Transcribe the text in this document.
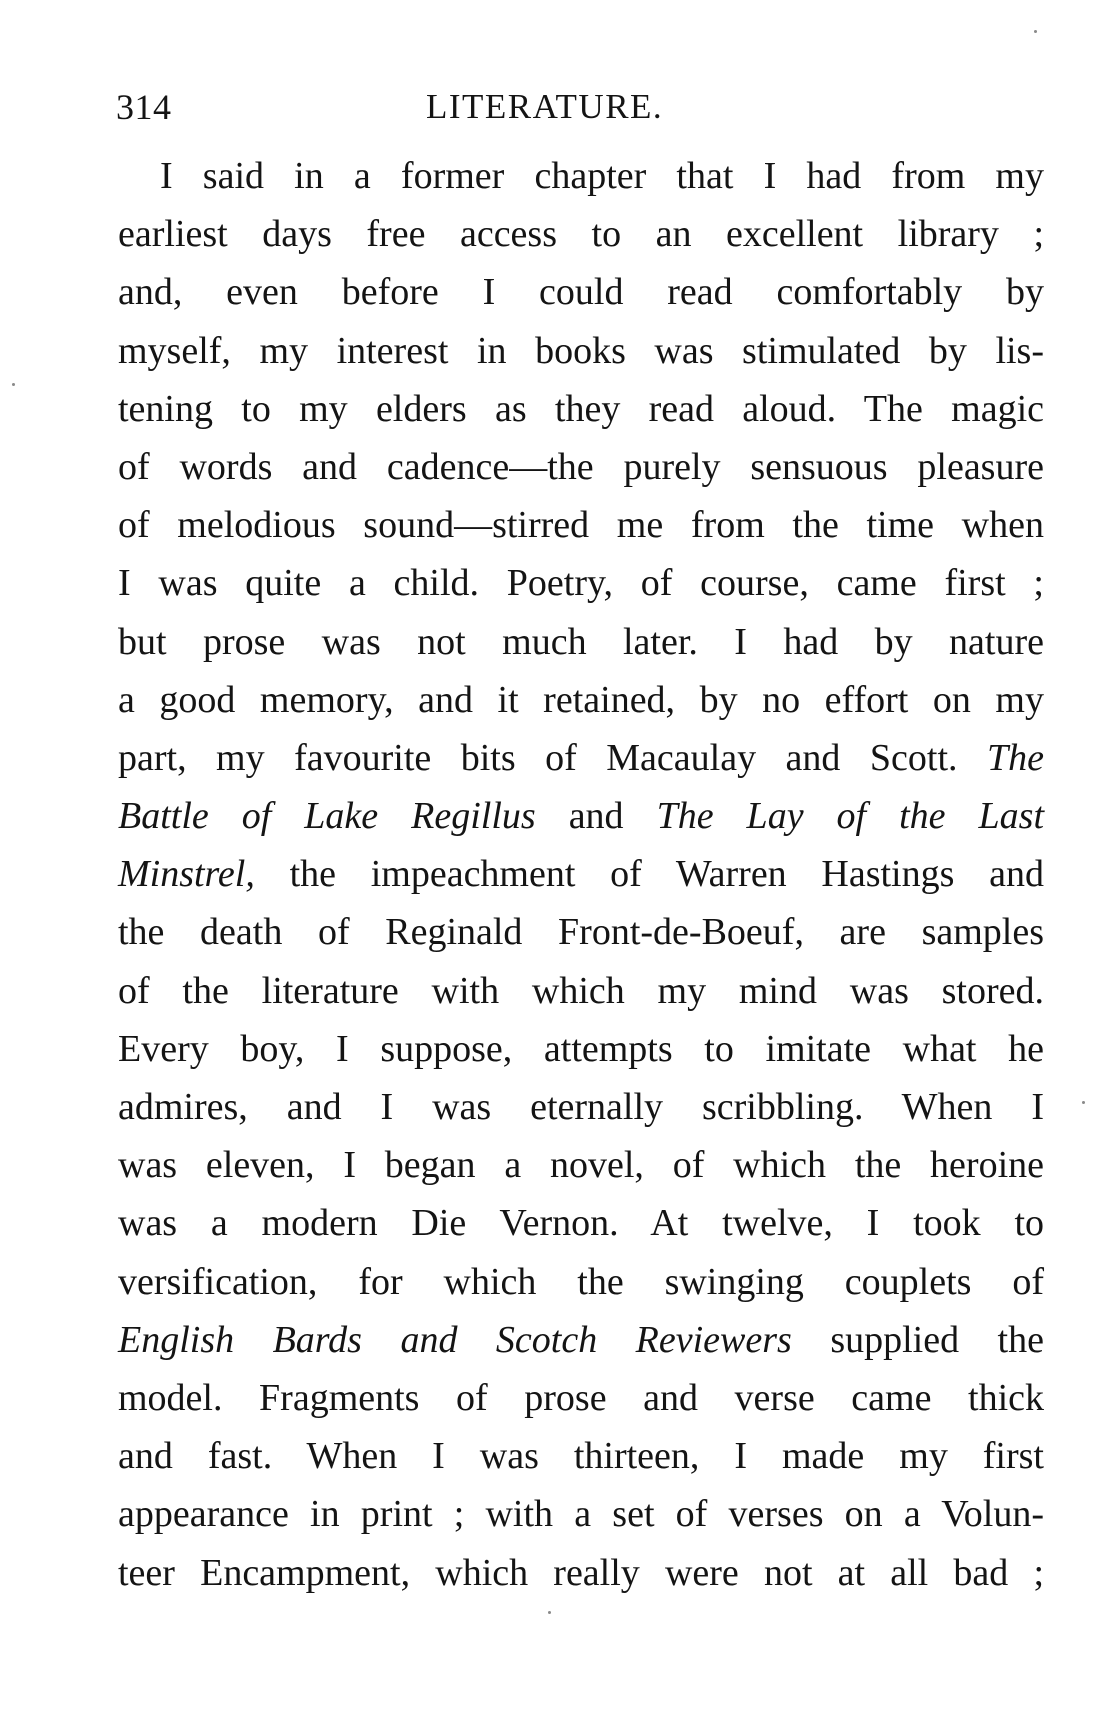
314	LITERATURE.
I said in a former chapter that I had from my
earliest days free access to an excellent library ;
and, even before I could read comfortably by
myself, my interest in books was stimulated by lis-
tening to my elders as they read aloud. The magic
of words and cadence—the purely sensuous pleasure
of melodious sound—stirred me from the time when
I was quite a child. Poetry, of course, came first ;
but prose was not much later. I had by nature
a good memory, and it retained, by no effort on my
part, my favourite bits of Macaulay and Scott. The
Battle of Lake Regillus and The Lay of the Last
Minstrel, the impeachment of Warren Hastings and
the death of Reginald Front-de-Boeuf, are samples
of the literature with which my mind was stored.
Every boy, I suppose, attempts to imitate what he
admires, and I was eternally scribbling. When I
was eleven, I began a novel, of which the heroine
was a modern Die Vernon. At twelve, I took to
versification, for which the swinging couplets of
English Bards and Scotch Reviewers supplied the
model. Fragments of prose and verse came thick
and fast. When I was thirteen, I made my first
appearance in print ; with a set of verses on a Volun-
teer Encampment, which really were not at all bad ;
